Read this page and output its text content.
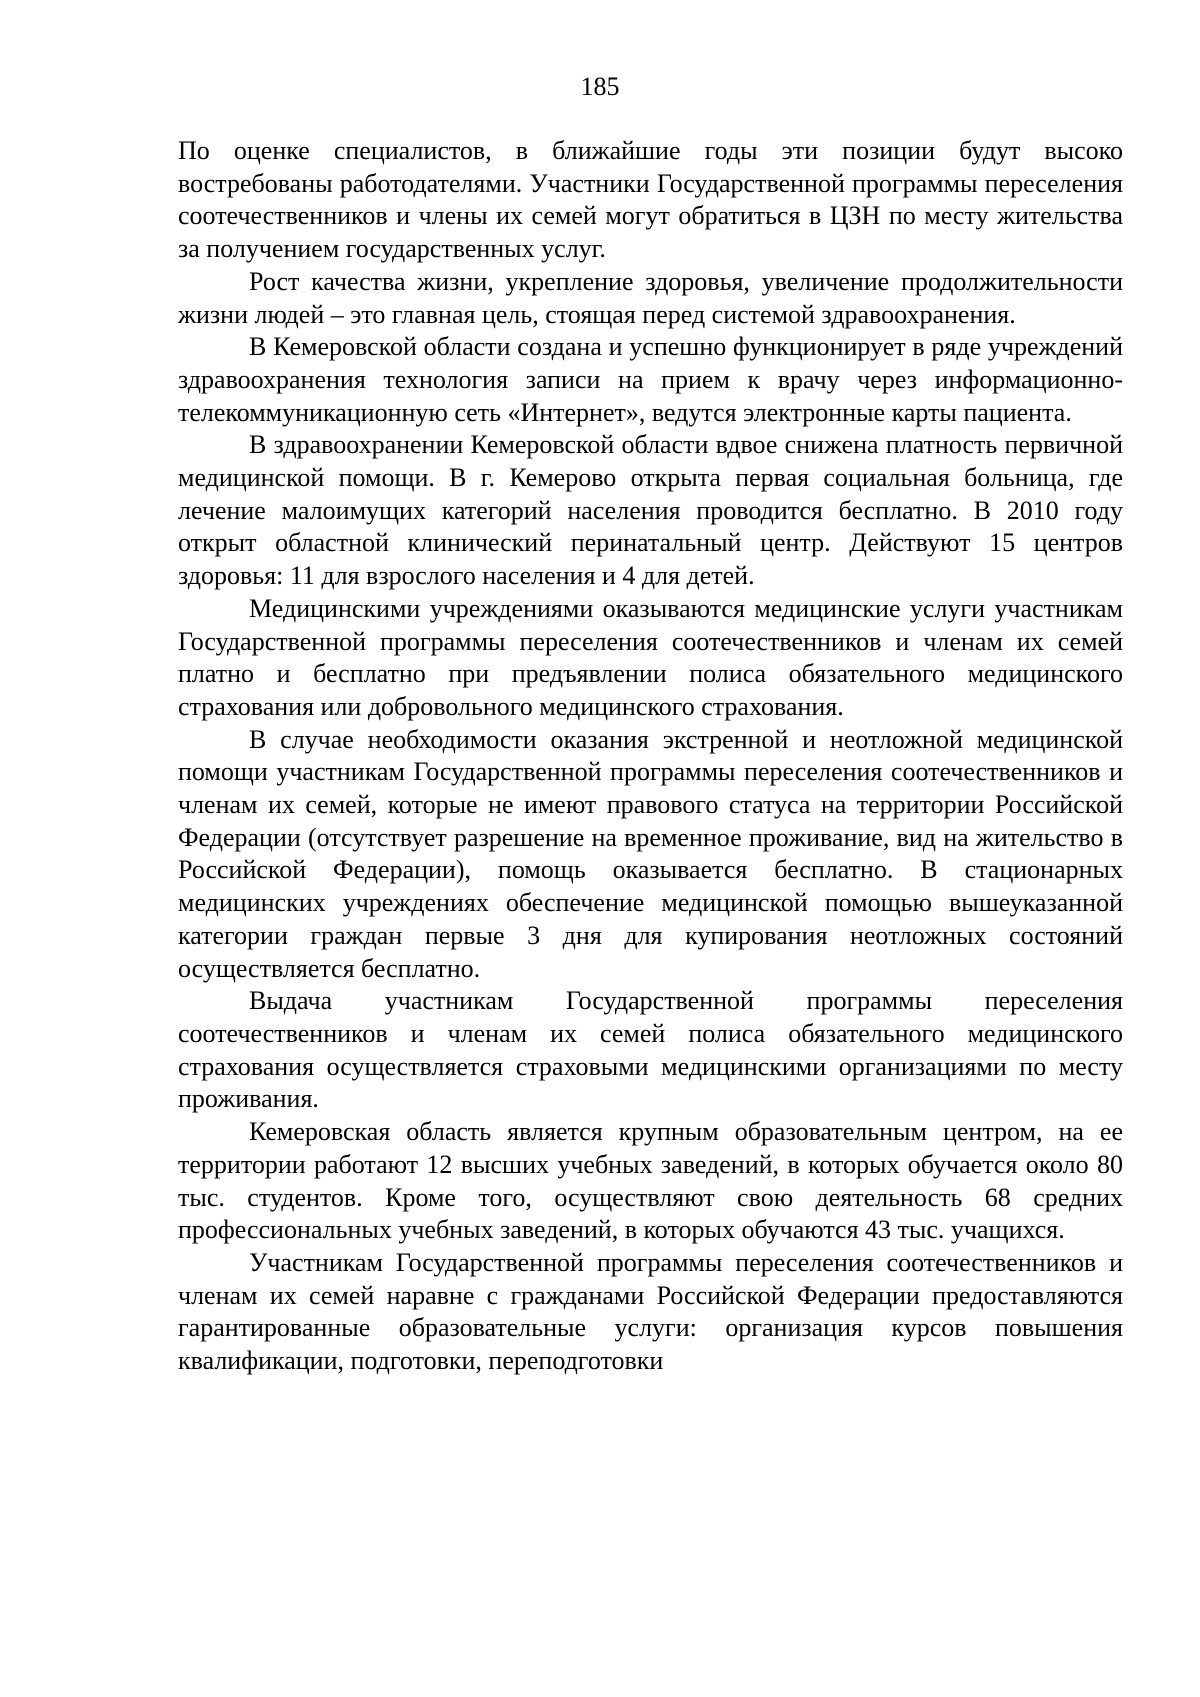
185

По оценке специалистов, в ближайшие годы эти позиции будут высоко востребованы работодателями. Участники Государственной программы переселения соотечественников и члены их семей могут обратиться в ЦЗН по месту жительства за получением государственных услуг.

Рост качества жизни, укрепление здоровья, увеличение продолжительности жизни людей – это главная цель, стоящая перед системой здравоохранения.

В Кемеровской области создана и успешно функционирует в ряде учреждений здравоохранения технология записи на прием к врачу через информационно-телекоммуникационную сеть «Интернет», ведутся электронные карты пациента.

В здравоохранении Кемеровской области вдвое снижена платность первичной медицинской помощи. В г. Кемерово открыта первая социальная больница, где лечение малоимущих категорий населения проводится бесплатно. В 2010 году открыт областной клинический перинатальный центр. Действуют 15 центров здоровья: 11 для взрослого населения и 4 для детей.

Медицинскими учреждениями оказываются медицинские услуги участникам Государственной программы переселения соотечественников и членам их семей платно и бесплатно при предъявлении полиса обязательного медицинского страхования или добровольного медицинского страхования.

В случае необходимости оказания экстренной и неотложной медицинской помощи участникам Государственной программы переселения соотечественников и членам их семей, которые не имеют правового статуса на территории Российской Федерации (отсутствует разрешение на временное проживание, вид на жительство в Российской Федерации), помощь оказывается бесплатно. В стационарных медицинских учреждениях обеспечение медицинской помощью вышеуказанной категории граждан первые 3 дня для купирования неотложных состояний осуществляется бесплатно.

Выдача участникам Государственной программы переселения соотечественников и членам их семей полиса обязательного медицинского страхования осуществляется страховыми медицинскими организациями по месту проживания.

Кемеровская область является крупным образовательным центром, на ее территории работают 12 высших учебных заведений, в которых обучается около 80 тыс. студентов. Кроме того, осуществляют свою деятельность 68 средних профессиональных учебных заведений, в которых обучаются 43 тыс. учащихся.

Участникам Государственной программы переселения соотечественников и членам их семей наравне с гражданами Российской Федерации предоставляются гарантированные образовательные услуги: организация курсов повышения квалификации, подготовки, переподготовки
